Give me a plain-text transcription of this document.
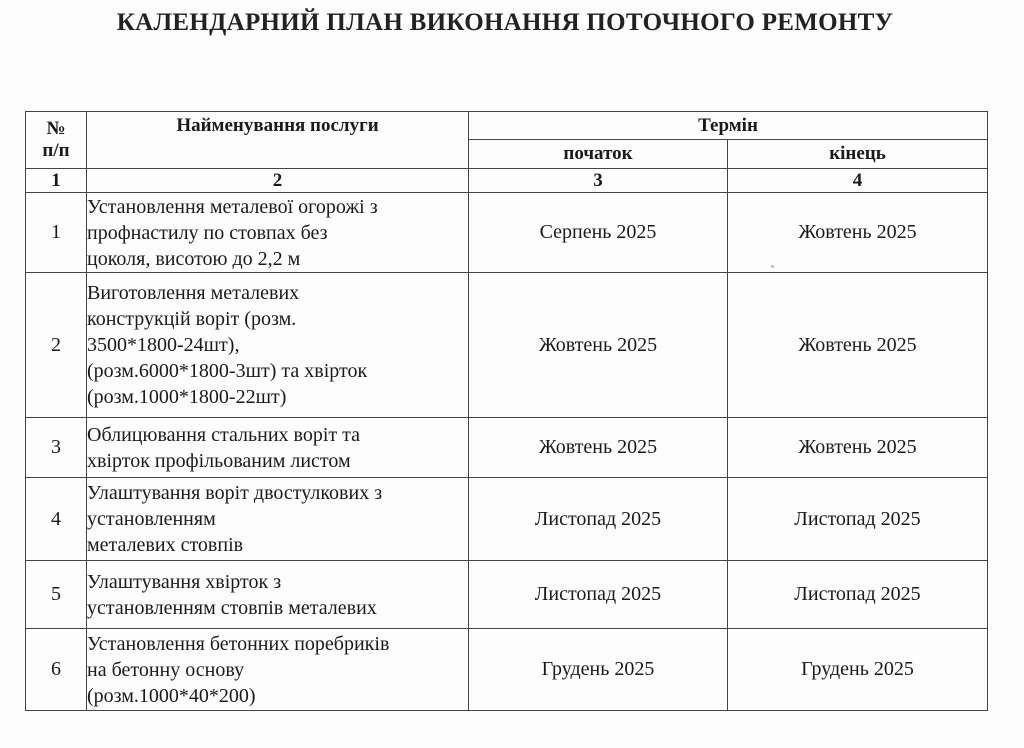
КАЛЕНДАРНИЙ ПЛАН ВИКОНАННЯ ПОТОЧНОГО РЕМОНТУ
№
п/п	Найменування послуги	Термін	
		початок	кінець
1	2	3	4
1	Установлення металевої огорожі з
профнастилу по стовпах без
цоколя, висотою до 2,2 м	Серпень 2025	Жовтень 2025
2	Виготовлення металевих
конструкцій воріт (розм.
3500*1800-24шт),
(розм.6000*1800-3шт) та хвірток
(розм.1000*1800-22шт)	Жовтень 2025	Жовтень 2025
3	Облицювання стальних воріт та
хвірток профільованим листом	Жовтень 2025	Жовтень 2025
4	Улаштування воріт двостулкових з
установленням
металевих стовпів	Листопад 2025	Листопад 2025
5	Улаштування хвірток з
установленням стовпів металевих	Листопад 2025	Листопад 2025
6	Установлення бетонних поребриків
на бетонну основу
(розм.1000*40*200)	Грудень 2025	Грудень 2025
